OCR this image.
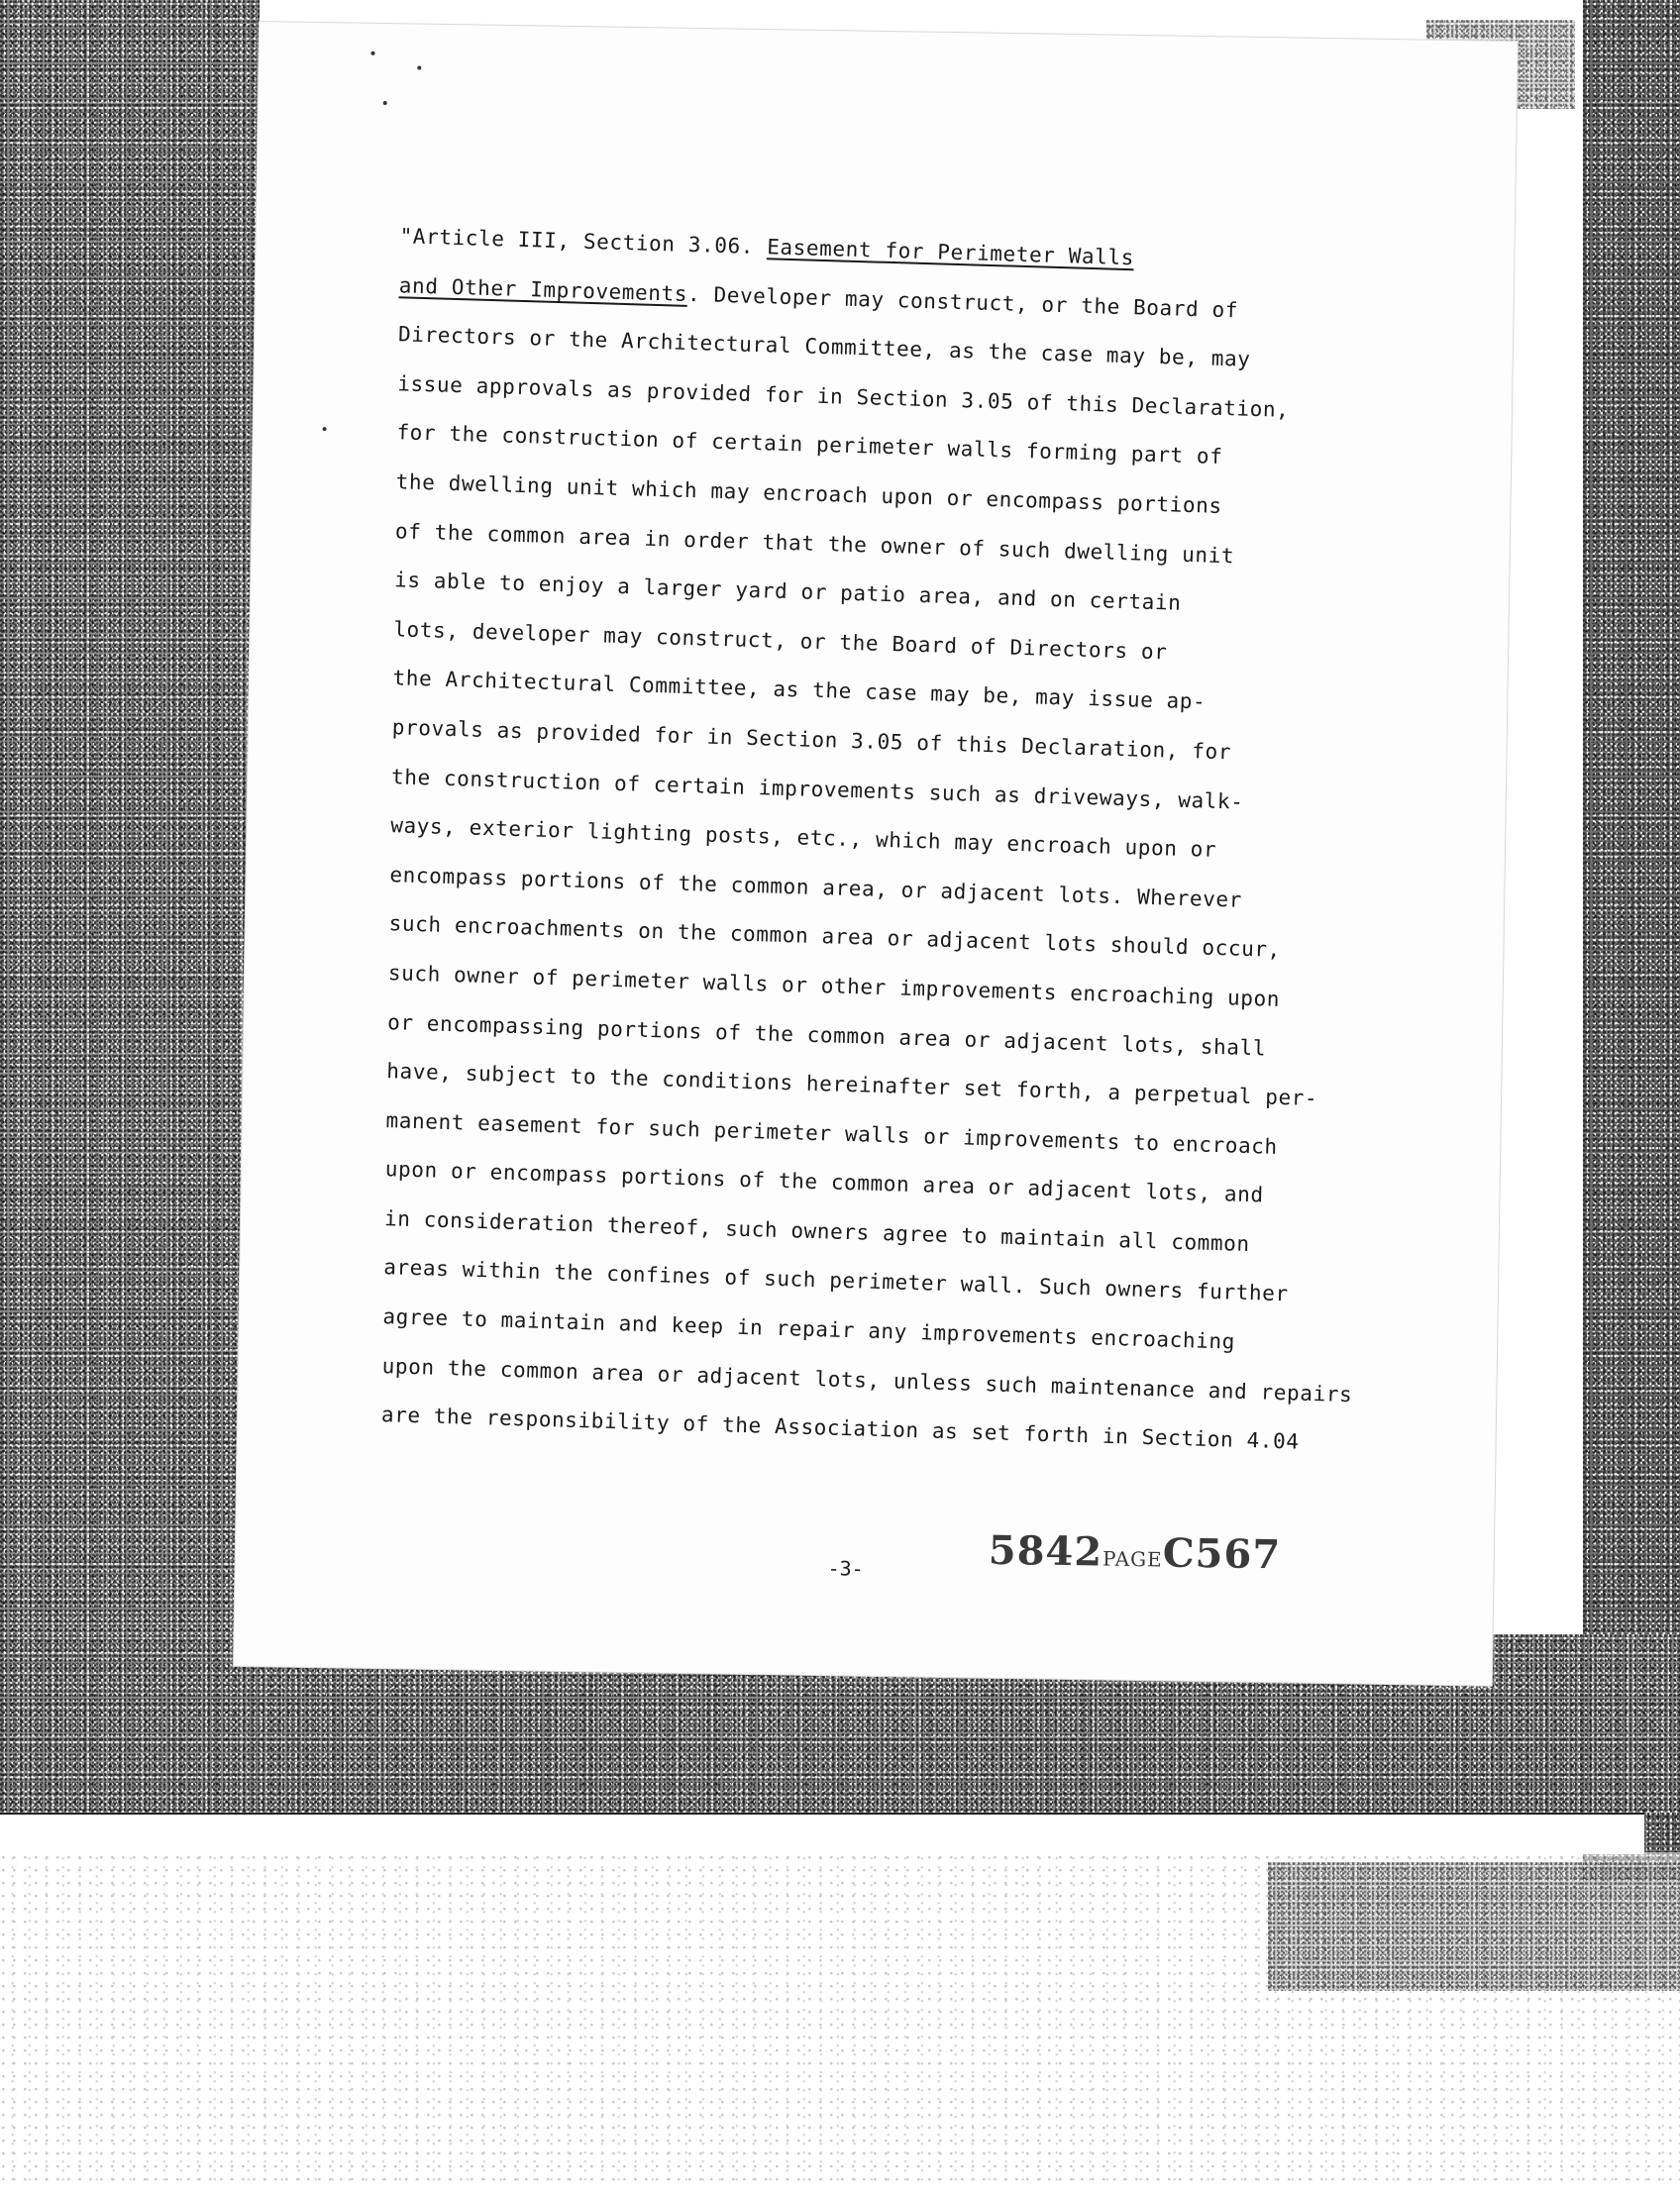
"Article III, Section 3.06. Easement for Perimeter Walls
and Other Improvements. Developer may construct, or the Board of
Directors or the Architectural Committee, as the case may be, may
issue approvals as provided for in Section 3.05 of this Declaration,
for the construction of certain perimeter walls forming part of
the dwelling unit which may encroach upon or encompass portions
of the common area in order that the owner of such dwelling unit
is able to enjoy a larger yard or patio area, and on certain
lots, developer may construct, or the Board of Directors or
the Architectural Committee, as the case may be, may issue ap-
provals as provided for in Section 3.05 of this Declaration, for
the construction of certain improvements such as driveways, walk-
ways, exterior lighting posts, etc., which may encroach upon or
encompass portions of the common area, or adjacent lots. Wherever
such encroachments on the common area or adjacent lots should occur,
such owner of perimeter walls or other improvements encroaching upon
or encompassing portions of the common area or adjacent lots, shall
have, subject to the conditions hereinafter set forth, a perpetual per-
manent easement for such perimeter walls or improvements to encroach
upon or encompass portions of the common area or adjacent lots, and
in consideration thereof, such owners agree to maintain all common
areas within the confines of such perimeter wall. Such owners further
agree to maintain and keep in repair any improvements encroaching
upon the common area or adjacent lots, unless such maintenance and repairs
are the responsibility of the Association as set forth in Section 4.04
-3-	5842PAGEC567
